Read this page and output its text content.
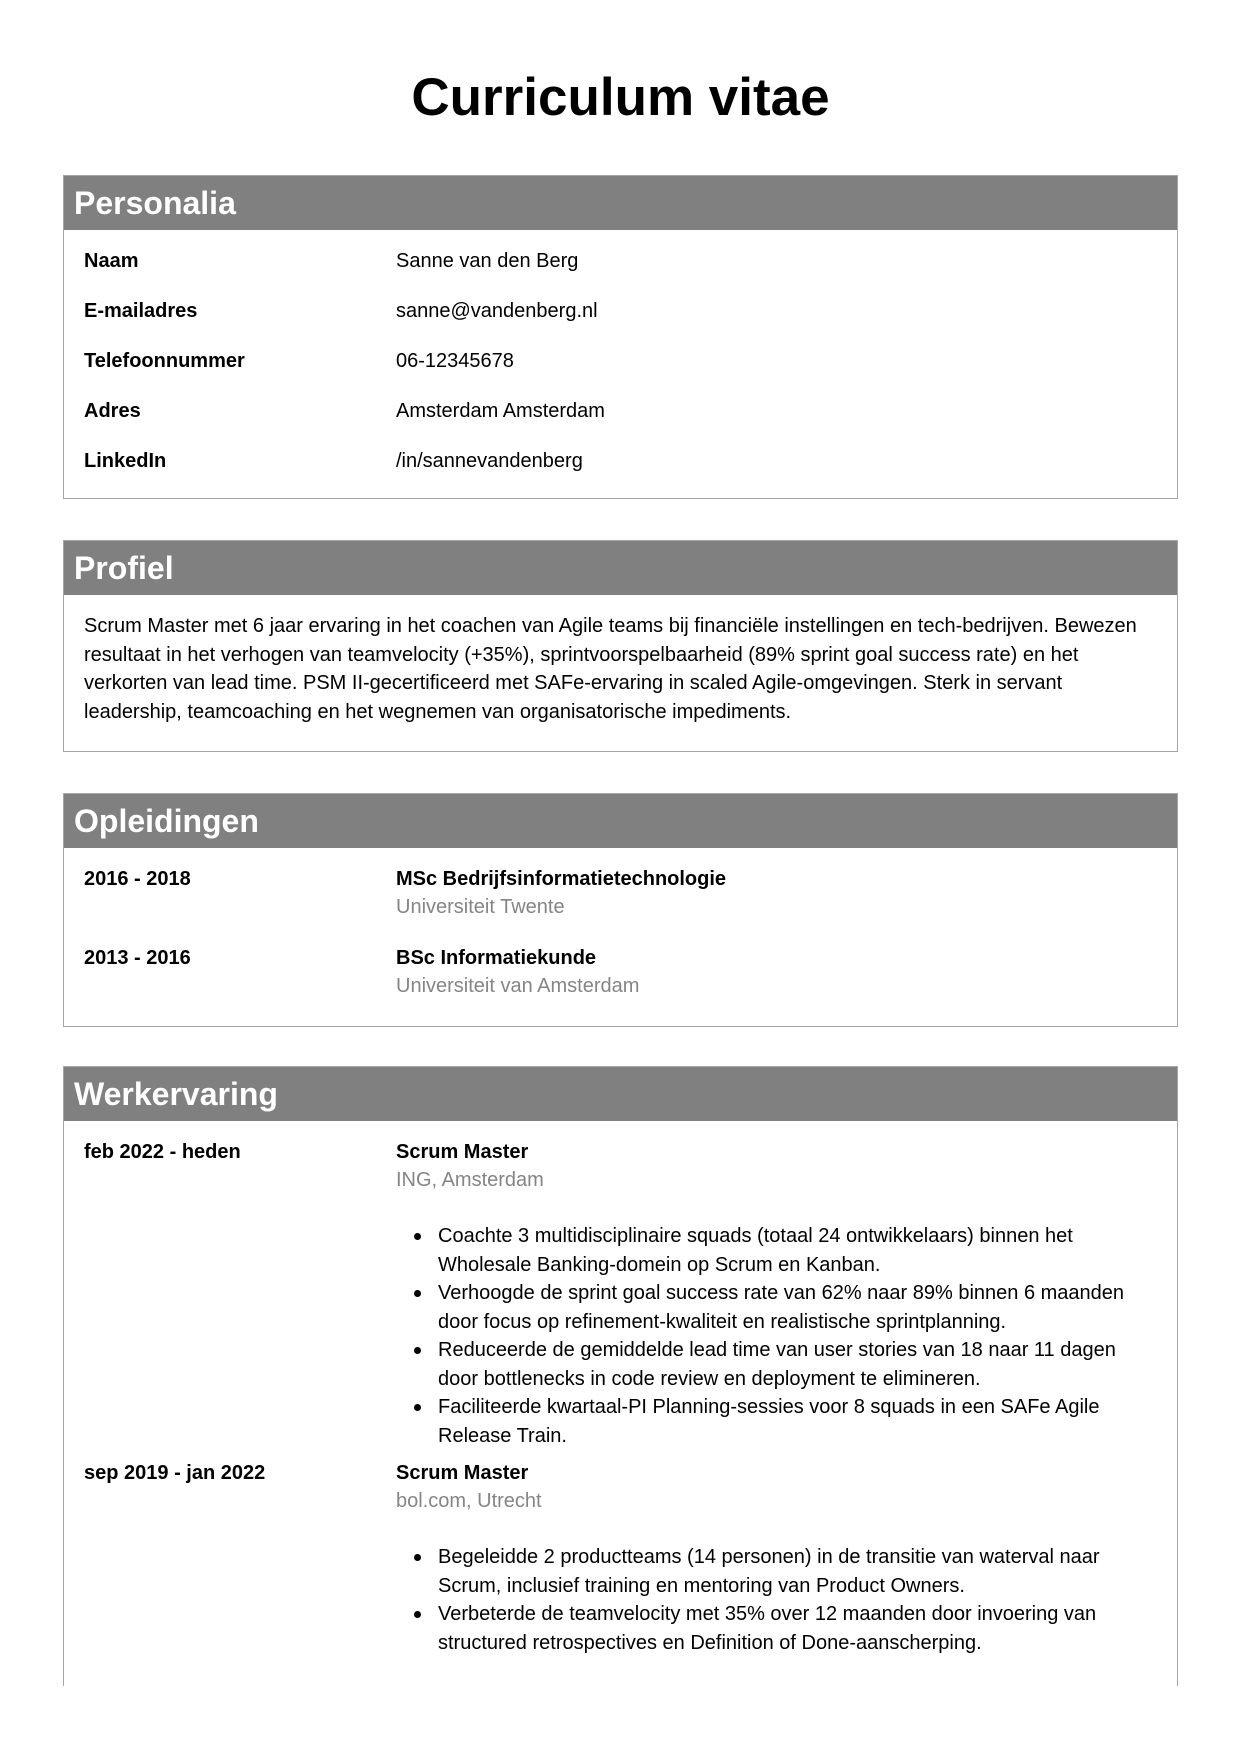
Curriculum vitae
Personalia
Naam	Sanne van den Berg
E-mailadres	sanne@vandenberg.nl
Telefoonnummer	06-12345678
Adres	Amsterdam Amsterdam
LinkedIn	/in/sannevandenberg
Profiel

Scrum Master met 6 jaar ervaring in het coachen van Agile teams bij financiële instellingen en tech-bedrijven. Bewezen resultaat in het verhogen van teamvelocity (+35%), sprintvoorspelbaarheid (89% sprint goal success rate) en het verkorten van lead time. PSM II-gecertificeerd met SAFe-ervaring in scaled Agile-omgevingen. Sterk in servant leadership, teamcoaching en het wegnemen van organisatorische impediments.

Opleidingen
2016 - 2018	MSc Bedrijfsinformatietechnologie
Universiteit Twente
2013 - 2016	BSc Informatiekunde
Universiteit van Amsterdam
Werkervaring
feb 2022 - heden	Scrum Master
ING, Amsterdam
Coachte 3 multidisciplinaire squads (totaal 24 ontwikkelaars) binnen het Wholesale Banking-domein op Scrum en Kanban.
Verhoogde de sprint goal success rate van 62% naar 89% binnen 6 maanden door focus op refinement-kwaliteit en realistische sprintplanning.
Reduceerde de gemiddelde lead time van user stories van 18 naar 11 dagen door bottlenecks in code review en deployment te elimineren.
Faciliteerde kwartaal-PI Planning-sessies voor 8 squads in een SAFe Agile Release Train.
sep 2019 - jan 2022	Scrum Master
bol.com, Utrecht
Begeleidde 2 productteams (14 personen) in de transitie van waterval naar Scrum, inclusief training en mentoring van Product Owners.
Verbeterde de teamvelocity met 35% over 12 maanden door invoering van structured retrospectives en Definition of Done-aanscherping.
